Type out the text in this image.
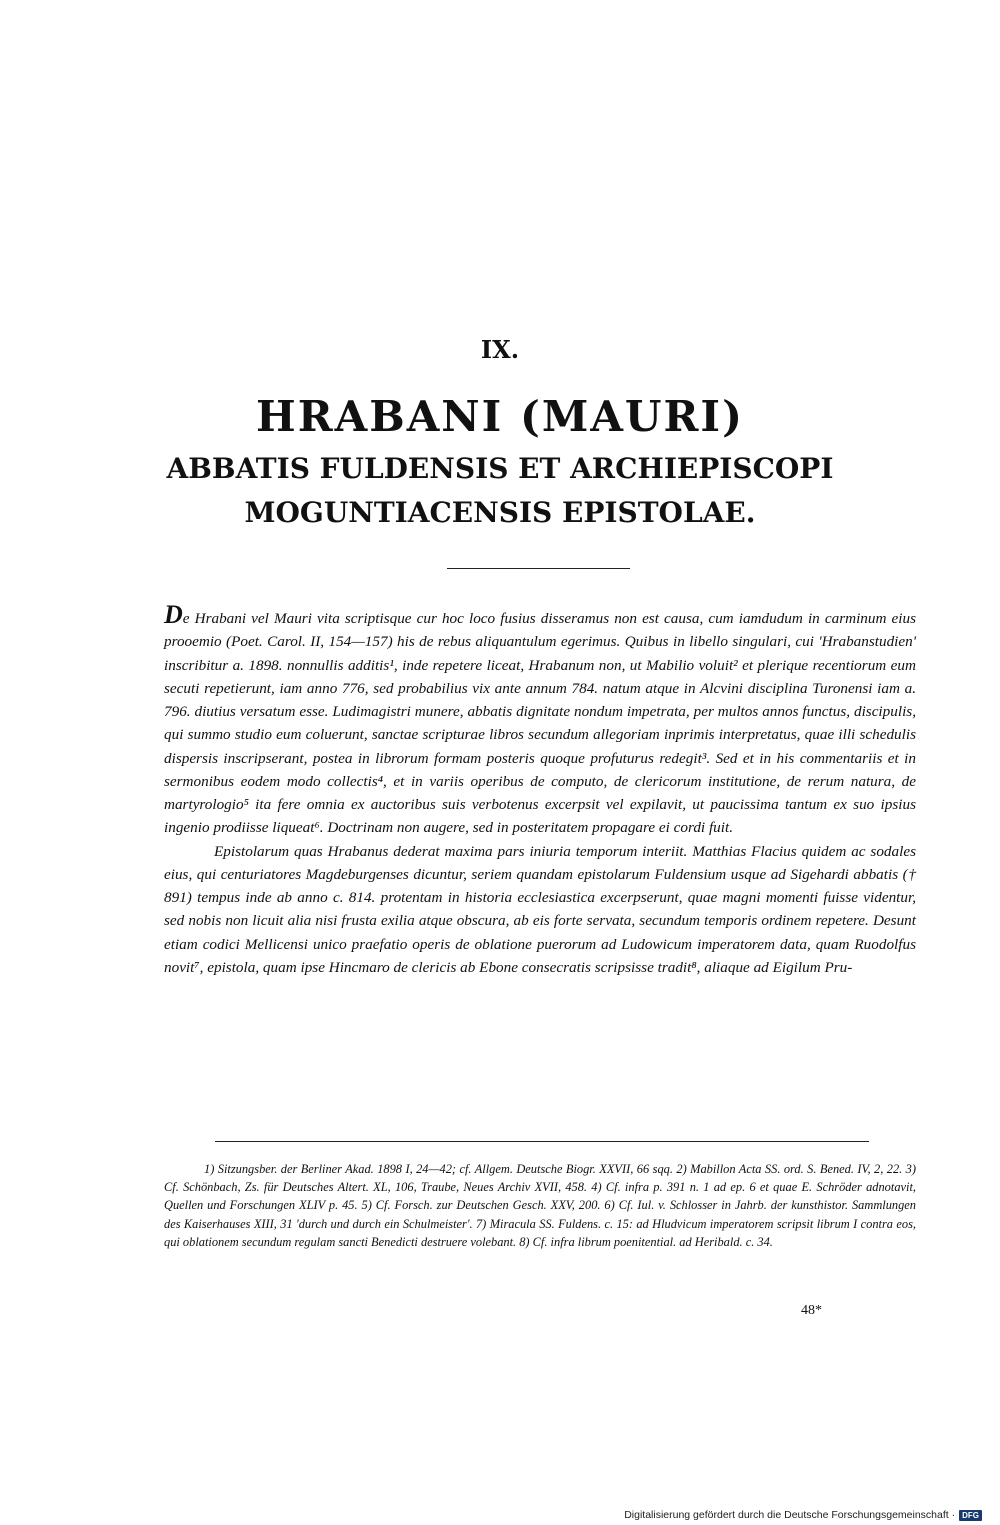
IX.
HRABANI (MAURI)
ABBATIS FULDENSIS ET ARCHIEPISCOPI
MOGUNTIACENSIS EPISTOLAE.

De Hrabani vel Mauri vita scriptisque cur hoc loco fusius disseramus non est causa, cum iamdudum in carminum eius prooemio (Poet. Carol. II, 154—157) his de rebus aliquantulum egerimus. Quibus in libello singulari, cui 'Hrabanstudien' inscribitur a. 1898. nonnullis additis¹, inde repetere liceat, Hrabanum non, ut Mabilio voluit² et plerique recentiorum eum secuti repetierunt, iam anno 776, sed probabilius vix ante annum 784. natum atque in Alcvini disciplina Turonensi iam a. 796. diutius versatum esse. Ludimagistri munere, abbatis dignitate nondum impetrata, per multos annos functus, discipulis, qui summo studio eum coluerunt, sanctae scripturae libros secundum allegoriam inprimis interpretatus, quae illi schedulis dispersis inscripserant, postea in librorum formam posteris quoque profuturus redegit³. Sed et in his commentariis et in sermonibus eodem modo collectis⁴, et in variis operibus de computo, de clericorum institutione, de rerum natura, de martyrologio⁵ ita fere omnia ex auctoribus suis verbotenus excerpsit vel expilavit, ut paucissima tantum ex suo ipsius ingenio prodiisse liqueat⁶. Doctrinam non augere, sed in posteritatem propagare ei cordi fuit.

Epistolarum quas Hrabanus dederat maxima pars iniuria temporum interiit. Matthias Flacius quidem ac sodales eius, qui centuriatores Magdeburgenses dicuntur, seriem quandam epistolarum Fuldensium usque ad Sigehardi abbatis († 891) tempus inde ab anno c. 814. protentam in historia ecclesiastica excerpserunt, quae magni momenti fuisse videntur, sed nobis non licuit alia nisi frusta exilia atque obscura, ab eis forte servata, secundum temporis ordinem repetere. Desunt etiam codici Mellicensi unico praefatio operis de oblatione puerorum ad Ludowicum imperatorem data, quam Ruodolfus novit⁷, epistola, quam ipse Hincmaro de clericis ab Ebone consecratis scripsisse tradit⁸, aliaque ad Eigilum Pru-

1) Sitzungsber. der Berliner Akad. 1898 I, 24—42; cf. Allgem. Deutsche Biogr. XXVII, 66 sqq. 2) Mabillon Acta SS. ord. S. Bened. IV, 2, 22. 3) Cf. Schönbach, Zs. für Deutsches Altert. XL, 106, Traube, Neues Archiv XVII, 458. 4) Cf. infra p. 391 n. 1 ad ep. 6 et quae E. Schröder adnotavit, Quellen und Forschungen XLIV p. 45. 5) Cf. Forsch. zur Deutschen Gesch. XXV, 200. 6) Cf. Iul. v. Schlosser in Jahrb. der kunsthistor. Sammlungen des Kaiserhauses XIII, 31 'durch und durch ein Schulmeister'. 7) Miracula SS. Fuldens. c. 15: ad Hludvicum imperatorem scripsit librum I contra eos, qui oblationem secundum regulam sancti Benedicti destruere volebant. 8) Cf. infra librum poenitential. ad Heribald. c. 34.

48*
Digitalisierung gefördert durch die Deutsche Forschungsgemeinschaft · DFG
